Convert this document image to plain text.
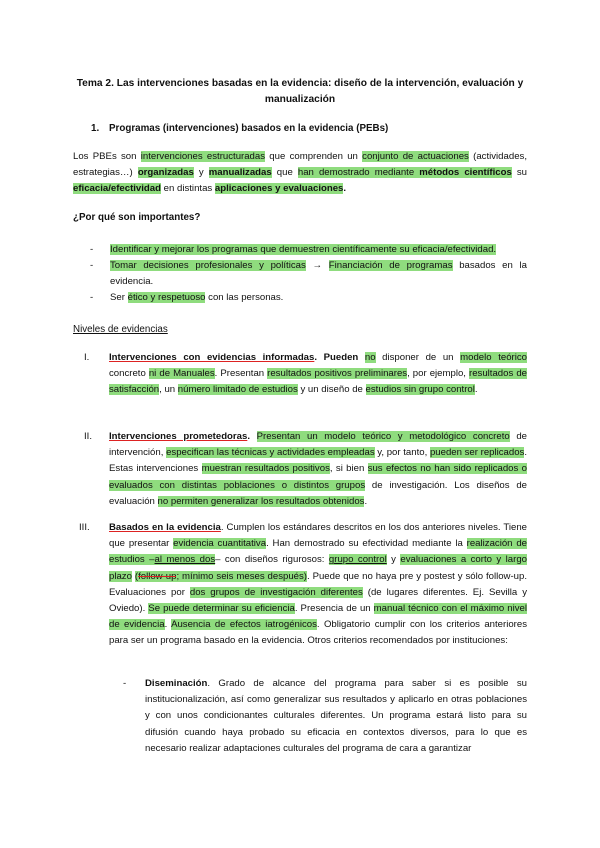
Tema 2. Las intervenciones basadas en la evidencia: diseño de la intervención, evaluación y manualización
1. Programas (intervenciones) basados en la evidencia (PEBs)

Los PBEs son intervenciones estructuradas que comprenden un conjunto de actuaciones (actividades, estrategias…) organizadas y manualizadas que han demostrado mediante métodos científicos su eficacia/efectividad en distintas aplicaciones y evaluaciones.

¿Por qué son importantes?
- Identificar y mejorar los programas que demuestren científicamente su eficacia/efectividad.
- Tomar decisiones profesionales y políticas → Financiación de programas basados en la evidencia.
- Ser ético y respetuoso con las personas.
Niveles de evidencias
I. Intervenciones con evidencias informadas. Pueden no disponer de un modelo teórico concreto ni de Manuales. Presentan resultados positivos preliminares, por ejemplo, resultados de satisfacción, un número limitado de estudios y un diseño de estudios sin grupo control.
II. Intervenciones prometedoras. Presentan un modelo teórico y metodológico concreto de intervención, especifican las técnicas y actividades empleadas y, por tanto, pueden ser replicados. Estas intervenciones muestran resultados positivos, si bien sus efectos no han sido replicados o evaluados con distintas poblaciones o distintos grupos de investigación. Los diseños de evaluación no permiten generalizar los resultados obtenidos.
III. Basados en la evidencia. Cumplen los estándares descritos en los dos anteriores niveles. Tiene que presentar evidencia cuantitativa. Han demostrado su efectividad mediante la realización de estudios –al menos dos– con diseños rigurosos: grupo control y evaluaciones a corto y largo plazo (follow-up; mínimo seis meses después). Puede que no haya pre y postest y sólo follow-up. Evaluaciones por dos grupos de investigación diferentes (de lugares diferentes. Ej. Sevilla y Oviedo). Se puede determinar su eficiencia. Presencia de un manual técnico con el máximo nivel de evidencia. Ausencia de efectos iatrogénicos. Obligatorio cumplir con los criterios anteriores para ser un programa basado en la evidencia. Otros criterios recomendados por instituciones:
- Diseminación. Grado de alcance del programa para saber si es posible su institucionalización, así como generalizar sus resultados y aplicarlo en otras poblaciones y con unos condicionantes culturales diferentes. Un programa estará listo para su difusión cuando haya probado su eficacia en contextos diversos, para lo que es necesario realizar adaptaciones culturales del programa de cara a garantizar
